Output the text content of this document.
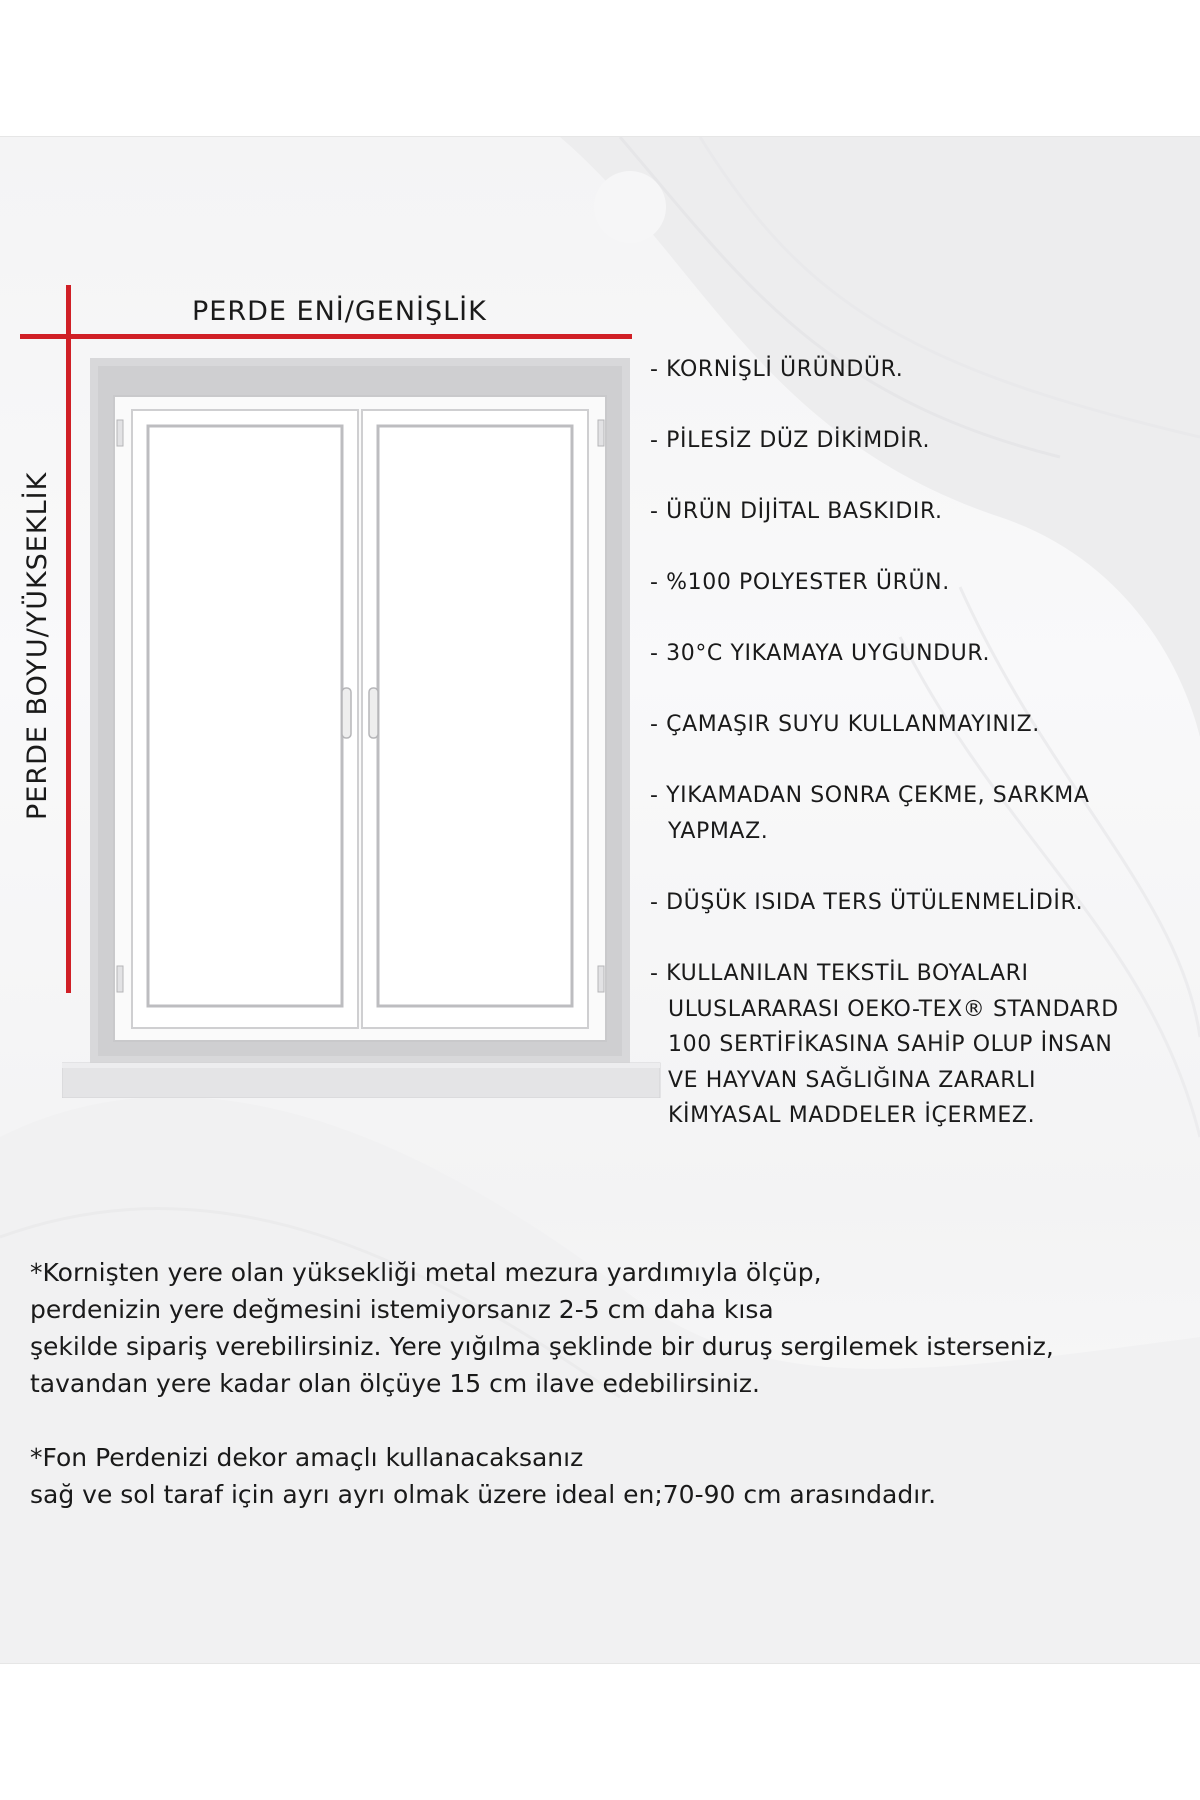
PERDE ENİ/GENİŞLİK
PERDE BOYU/YÜKSEKLİK
- KORNİŞLİ ÜRÜNDÜR.
- PİLESİZ DÜZ DİKİMDİR.
- ÜRÜN DİJİTAL BASKIDIR.
- %100 POLYESTER ÜRÜN.
- 30°C YIKAMAYA UYGUNDUR.
- ÇAMAŞIR SUYU KULLANMAYINIZ.
- YIKAMADAN SONRA ÇEKME, SARKMA YAPMAZ.
- DÜŞÜK ISIDA TERS ÜTÜLENMELİDİR.
- KULLANILAN TEKSTİL BOYALARI
ULUSLARARASI OEKO-TEX® STANDARD
100 SERTİFİKASINA SAHİP OLUP İNSAN
VE HAYVAN SAĞLIĞINA ZARARLI
KİMYASAL MADDELER İÇERMEZ.

*Kornişten yere olan yüksekliği metal mezura yardımıyla ölçüp,
perdenizin yere değmesini istemiyorsanız 2-5 cm daha kısa
şekilde sipariş verebilirsiniz. Yere yığılma şeklinde bir duruş sergilemek isterseniz,
tavandan yere kadar olan ölçüye 15 cm ilave edebilirsiniz.

*Fon Perdenizi dekor amaçlı kullanacaksanız
sağ ve sol taraf için ayrı ayrı olmak üzere ideal en;70-90 cm arasındadır.
